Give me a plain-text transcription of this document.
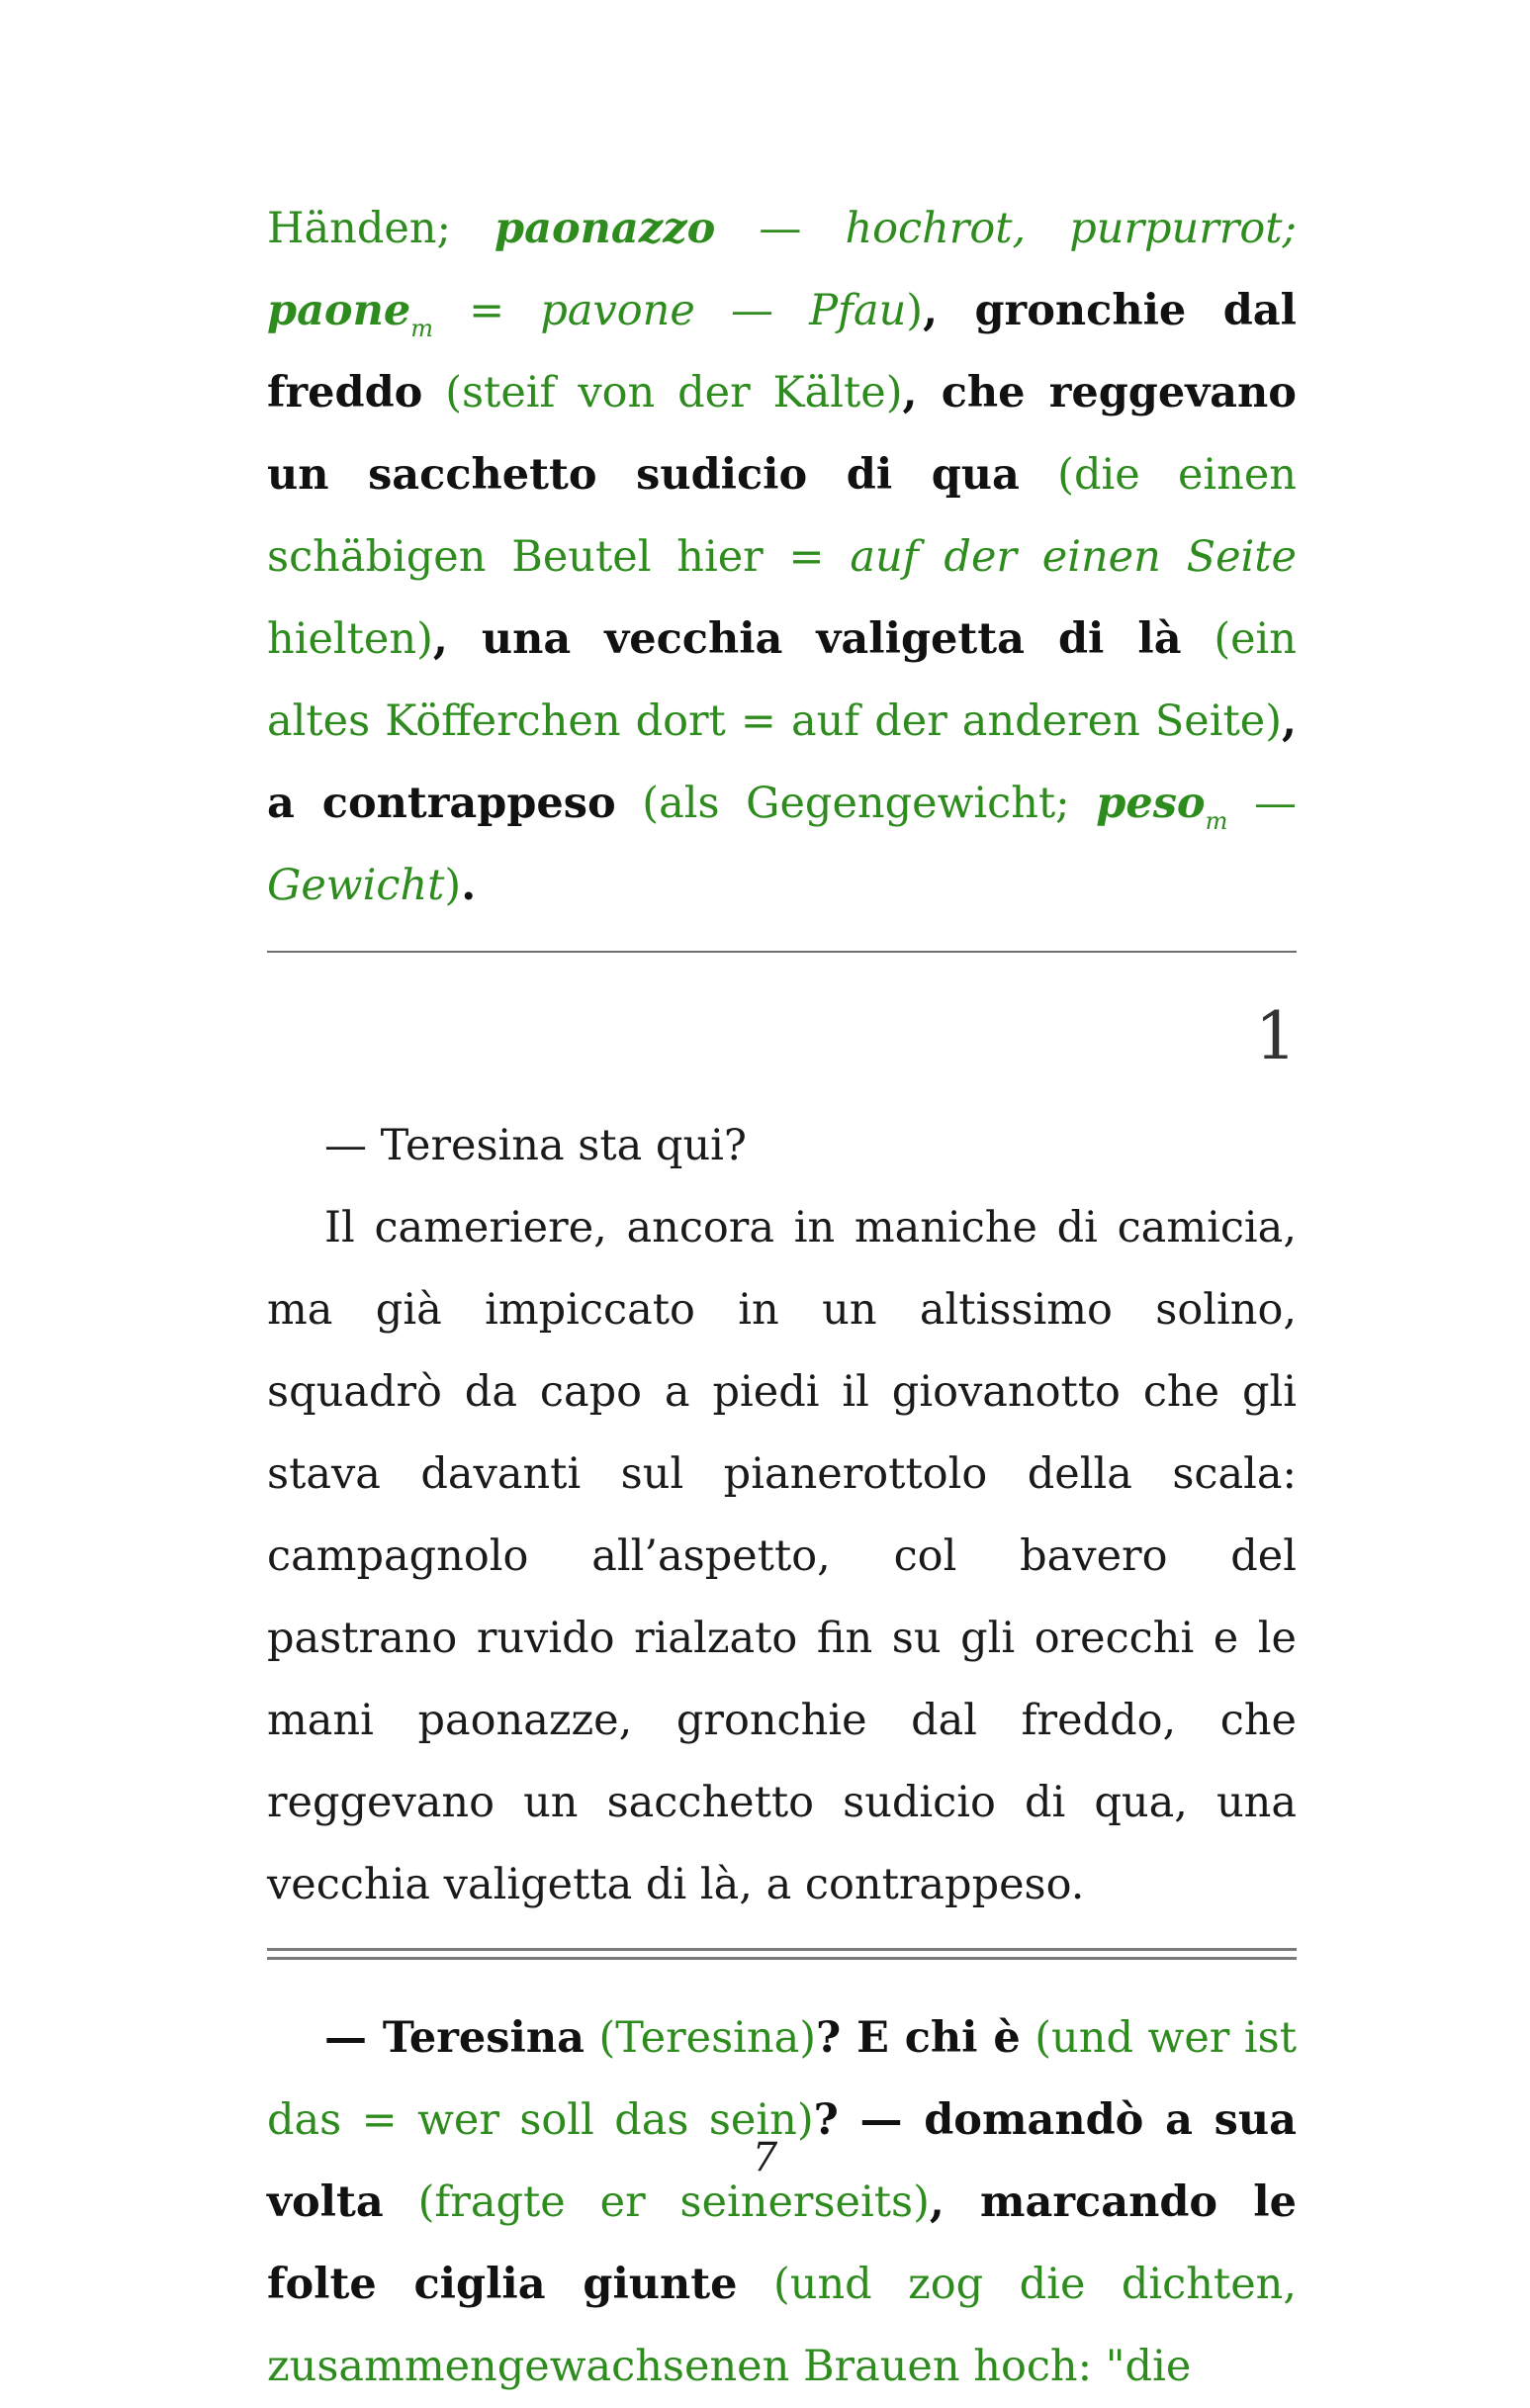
Händen; paonazzo — hochrot, purpurrot; paone$_m$ = pavone — Pfau), gronchie dal freddo (steif von der Kälte), che reggevano un sacchetto sudicio di qua (die einen schäbigen Beutel hier = auf der einen Seite hielten), una vecchia valigetta di là (ein altes Köfferchen dort = auf der anderen Seite), a contrappeso (als Gegengewicht; peso$_m$ — Gewicht).

1

— Teresina sta qui?

Il cameriere, ancora in maniche di camicia, ma già impiccato in un altissimo solino, squadrò da capo a piedi il giovanotto che gli stava davanti sul pianerottolo della scala: campagnolo all’aspetto, col bavero del pastrano ruvido rialzato fin su gli orecchi e le mani paonazze, gronchie dal freddo, che reggevano un sacchetto sudicio di qua, una vecchia valigetta di là, a contrappeso.

— Teresina (Teresina)? E chi è (und wer ist das = wer soll das sein)? — domandò a sua volta (fragte er seinerseits), marcando le folte ciglia giunte (und zog die dichten, zusammengewachsenen Brauen hoch: "die

7
